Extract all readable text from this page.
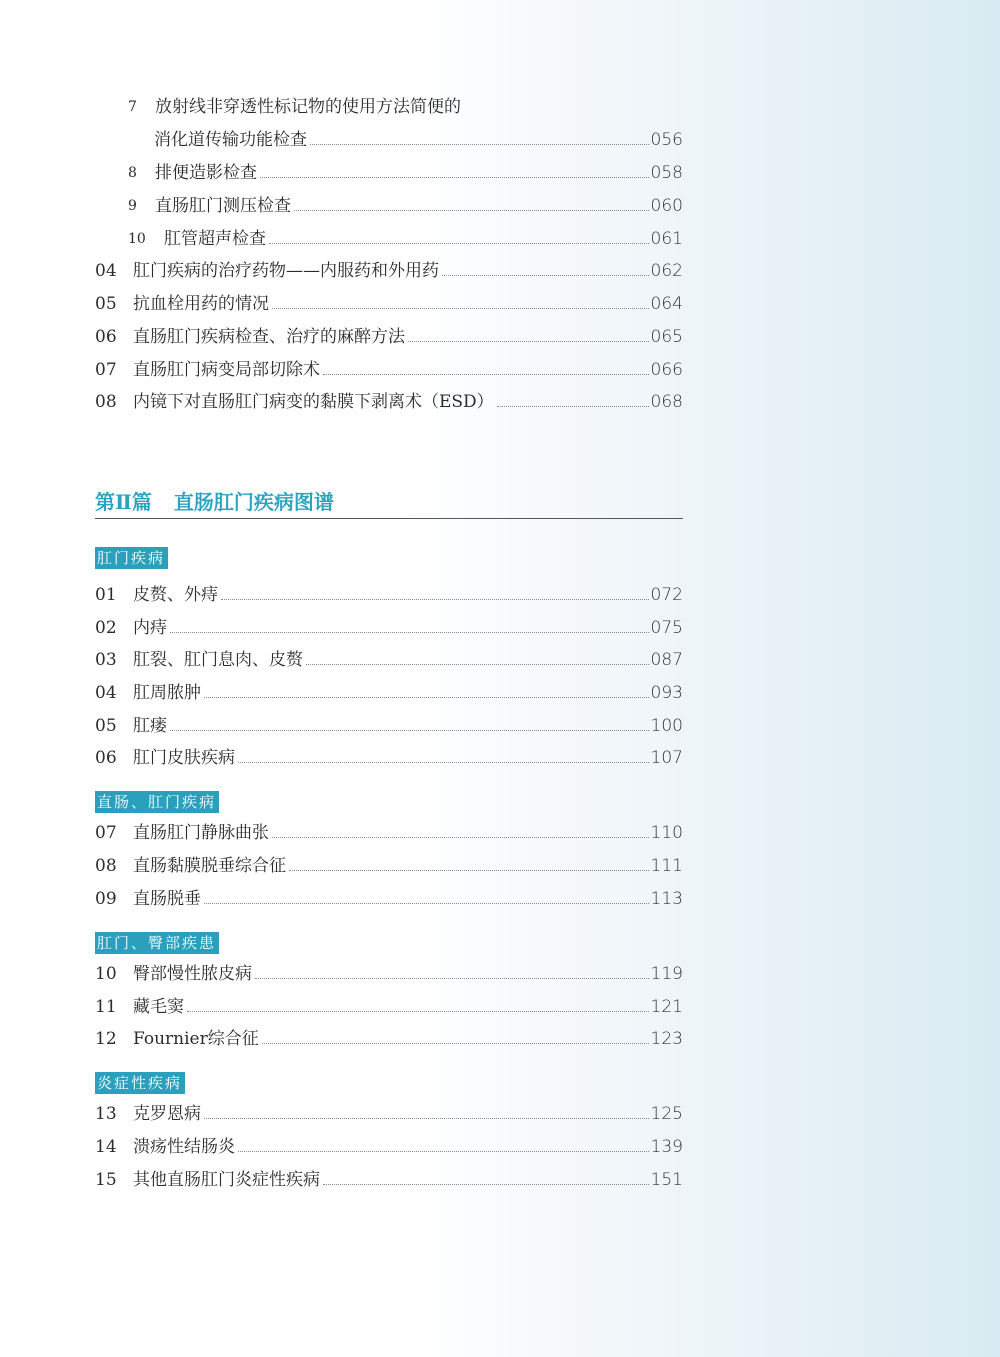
7	放射线非穿透性标记物的使用方法简便的
消化道传输功能检查	056
8	排便造影检查	058
9	直肠肛门测压检查	060
10	肛管超声检查	061
04 肛门疾病的治疗药物——内服药和外用药	062
05 抗血栓用药的情况	064
06 直肠肛门疾病检查、治疗的麻醉方法	065
07 直肠肛门病变局部切除术	066
08 内镜下对直肠肛门病变的黏膜下剥离术（ESD）	068
第Ⅱ篇 直肠肛门疾病图谱
肛门疾病
01 皮赘、外痔	072
02 内痔	075
03 肛裂、肛门息肉、皮赘	087
04 肛周脓肿	093
05 肛瘘	100
06 肛门皮肤疾病	107
直肠、肛门疾病
07 直肠肛门静脉曲张	110
08 直肠黏膜脱垂综合征	111
09 直肠脱垂	113
肛门、臀部疾患
10 臀部慢性脓皮病	119
11 藏毛窦	121
12 Fournier综合征	123
炎症性疾病
13 克罗恩病	125
14 溃疡性结肠炎	139
15 其他直肠肛门炎症性疾病	151
